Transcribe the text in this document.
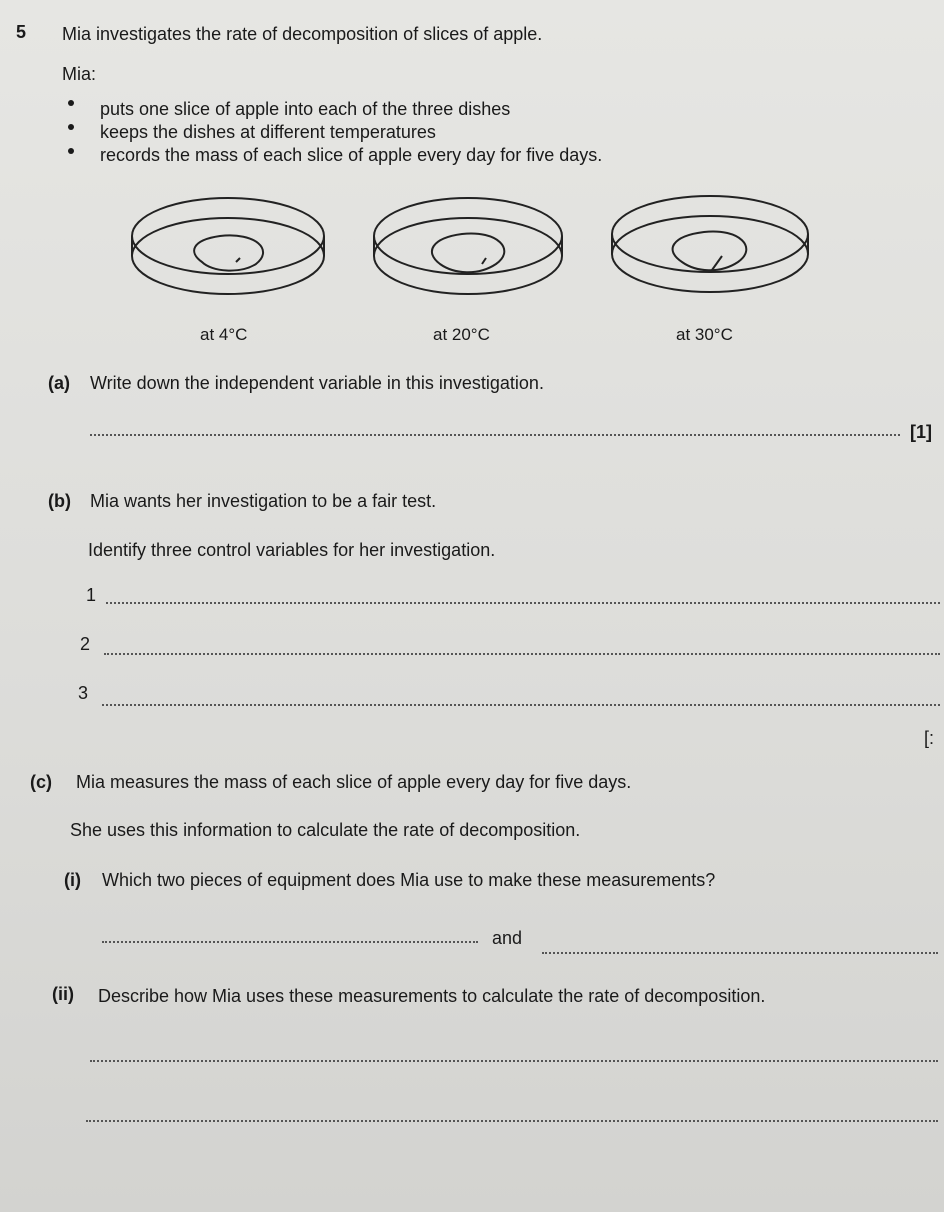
5 Mia investigates the rate of decomposition of slices of apple.
Mia:
puts one slice of apple into each of the three dishes
keeps the dishes at different temperatures
records the mass of each slice of apple every day for five days.
at 4°C	at 20°C	at 30°C
(a) Write down the independent variable in this investigation.
[1]
(b) Mia wants her investigation to be a fair test.
Identify three control variables for her investigation.
1
2
3
[:
(c) Mia measures the mass of each slice of apple every day for five days.
She uses this information to calculate the rate of decomposition.
(i) Which two pieces of equipment does Mia use to make these measurements?
and
(ii) Describe how Mia uses these measurements to calculate the rate of decomposition.
